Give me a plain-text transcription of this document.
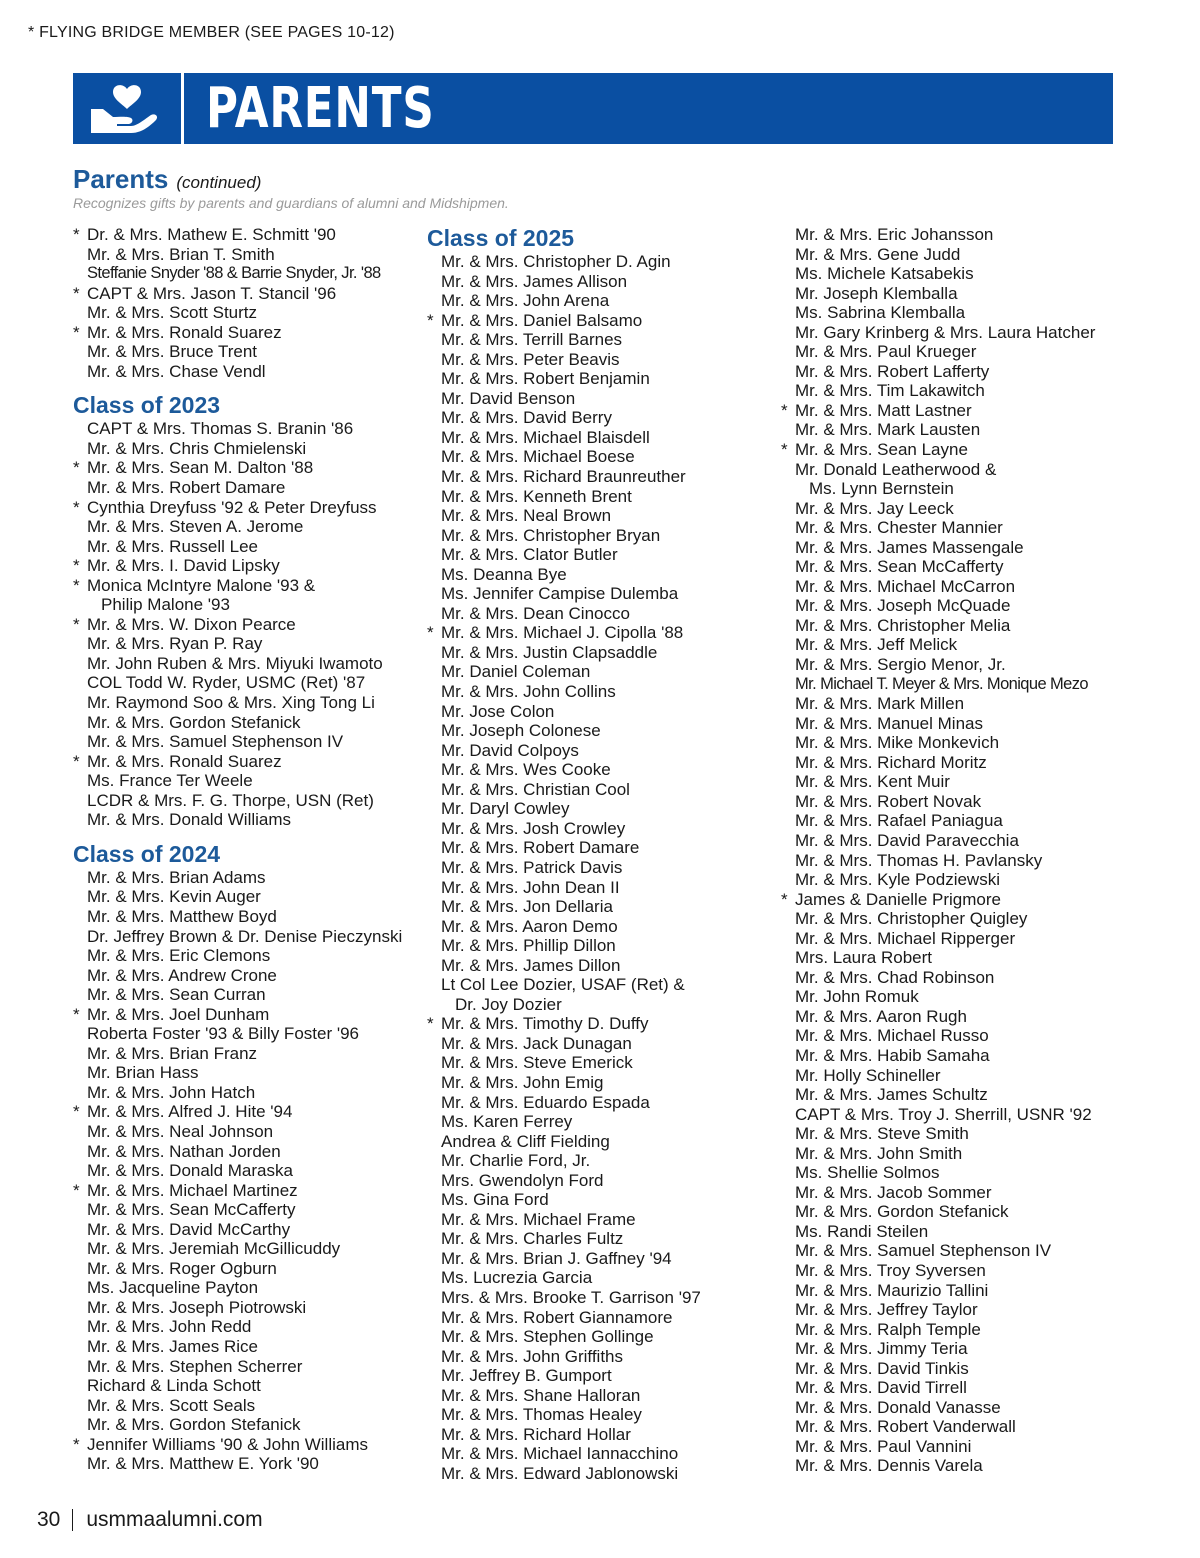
* FLYING BRIDGE MEMBER (SEE PAGES 10-12)
PARENTS
Parents (continued)
Recognizes gifts by parents and guardians of alumni and Midshipmen.
* Dr. & Mrs. Mathew E. Schmitt '90
Mr. & Mrs. Brian T. Smith
Steffanie Snyder '88 & Barrie Snyder, Jr. '88
* CAPT & Mrs. Jason T. Stancil '96
Mr. & Mrs. Scott Sturtz
* Mr. & Mrs. Ronald Suarez
Mr. & Mrs. Bruce Trent
Mr. & Mrs. Chase Vendl
Class of 2023
CAPT & Mrs. Thomas S. Branin '86
Mr. & Mrs. Chris Chmielenski
* Mr. & Mrs. Sean M. Dalton '88
Mr. & Mrs. Robert Damare
* Cynthia Dreyfuss '92 & Peter Dreyfuss
Mr. & Mrs. Steven A. Jerome
Mr. & Mrs. Russell Lee
* Mr. & Mrs. I. David Lipsky
* Monica McIntyre Malone '93 &
Philip Malone '93
* Mr. & Mrs. W. Dixon Pearce
Mr. & Mrs. Ryan P. Ray
Mr. John Ruben & Mrs. Miyuki Iwamoto
COL Todd W. Ryder, USMC (Ret) '87
Mr. Raymond Soo & Mrs. Xing Tong Li
Mr. & Mrs. Gordon Stefanick
Mr. & Mrs. Samuel Stephenson IV
* Mr. & Mrs. Ronald Suarez
Ms. France Ter Weele
LCDR & Mrs. F. G. Thorpe, USN (Ret)
Mr. & Mrs. Donald Williams
Class of 2024
Mr. & Mrs. Brian Adams
Mr. & Mrs. Kevin Auger
Mr. & Mrs. Matthew Boyd
Dr. Jeffrey Brown & Dr. Denise Pieczynski
Mr. & Mrs. Eric Clemons
Mr. & Mrs. Andrew Crone
Mr. & Mrs. Sean Curran
* Mr. & Mrs. Joel Dunham
Roberta Foster '93 & Billy Foster '96
Mr. & Mrs. Brian Franz
Mr. Brian Hass
Mr. & Mrs. John Hatch
* Mr. & Mrs. Alfred J. Hite '94
Mr. & Mrs. Neal Johnson
Mr. & Mrs. Nathan Jorden
Mr. & Mrs. Donald Maraska
* Mr. & Mrs. Michael Martinez
Mr. & Mrs. Sean McCafferty
Mr. & Mrs. David McCarthy
Mr. & Mrs. Jeremiah McGillicuddy
Mr. & Mrs. Roger Ogburn
Ms. Jacqueline Payton
Mr. & Mrs. Joseph Piotrowski
Mr. & Mrs. John Redd
Mr. & Mrs. James Rice
Mr. & Mrs. Stephen Scherrer
Richard & Linda Schott
Mr. & Mrs. Scott Seals
Mr. & Mrs. Gordon Stefanick
* Jennifer Williams '90 & John Williams
Mr. & Mrs. Matthew E. York '90
Class of 2025
Mr. & Mrs. Christopher D. Agin
Mr. & Mrs. James Allison
Mr. & Mrs. John Arena
* Mr. & Mrs. Daniel Balsamo
Mr. & Mrs. Terrill Barnes
Mr. & Mrs. Peter Beavis
Mr. & Mrs. Robert Benjamin
Mr. David Benson
Mr. & Mrs. David Berry
Mr. & Mrs. Michael Blaisdell
Mr. & Mrs. Michael Boese
Mr. & Mrs. Richard Braunreuther
Mr. & Mrs. Kenneth Brent
Mr. & Mrs. Neal Brown
Mr. & Mrs. Christopher Bryan
Mr. & Mrs. Clator Butler
Ms. Deanna Bye
Ms. Jennifer Campise Dulemba
Mr. & Mrs. Dean Cinocco
* Mr. & Mrs. Michael J. Cipolla '88
Mr. & Mrs. Justin Clapsaddle
Mr. Daniel Coleman
Mr. & Mrs. John Collins
Mr. Jose Colon
Mr. Joseph Colonese
Mr. David Colpoys
Mr. & Mrs. Wes Cooke
Mr. & Mrs. Christian Cool
Mr. Daryl Cowley
Mr. & Mrs. Josh Crowley
Mr. & Mrs. Robert Damare
Mr. & Mrs. Patrick Davis
Mr. & Mrs. John Dean II
Mr. & Mrs. Jon Dellaria
Mr. & Mrs. Aaron Demo
Mr. & Mrs. Phillip Dillon
Mr. & Mrs. James Dillon
Lt Col Lee Dozier, USAF (Ret) &
Dr. Joy Dozier
* Mr. & Mrs. Timothy D. Duffy
Mr. & Mrs. Jack Dunagan
Mr. & Mrs. Steve Emerick
Mr. & Mrs. John Emig
Mr. & Mrs. Eduardo Espada
Ms. Karen Ferrey
Andrea & Cliff Fielding
Mr. Charlie Ford, Jr.
Mrs. Gwendolyn Ford
Ms. Gina Ford
Mr. & Mrs. Michael Frame
Mr. & Mrs. Charles Fultz
Mr. & Mrs. Brian J. Gaffney '94
Ms. Lucrezia Garcia
Mrs. & Mrs. Brooke T. Garrison '97
Mr. & Mrs. Robert Giannamore
Mr. & Mrs. Stephen Gollinge
Mr. & Mrs. John Griffiths
Mr. Jeffrey B. Gumport
Mr. & Mrs. Shane Halloran
Mr. & Mrs. Thomas Healey
Mr. & Mrs. Richard Hollar
Mr. & Mrs. Michael Iannacchino
Mr. & Mrs. Edward Jablonowski
Mr. & Mrs. Eric Johansson
Mr. & Mrs. Gene Judd
Ms. Michele Katsabekis
Mr. Joseph Klemballa
Ms. Sabrina Klemballa
Mr. Gary Krinberg & Mrs. Laura Hatcher
Mr. & Mrs. Paul Krueger
Mr. & Mrs. Robert Lafferty
Mr. & Mrs. Tim Lakawitch
* Mr. & Mrs. Matt Lastner
Mr. & Mrs. Mark Lausten
* Mr. & Mrs. Sean Layne
Mr. Donald Leatherwood &
Ms. Lynn Bernstein
Mr. & Mrs. Jay Leeck
Mr. & Mrs. Chester Mannier
Mr. & Mrs. James Massengale
Mr. & Mrs. Sean McCafferty
Mr. & Mrs. Michael McCarron
Mr. & Mrs. Joseph McQuade
Mr. & Mrs. Christopher Melia
Mr. & Mrs. Jeff Melick
Mr. & Mrs. Sergio Menor, Jr.
Mr. Michael T. Meyer & Mrs. Monique Mezo
Mr. & Mrs. Mark Millen
Mr. & Mrs. Manuel Minas
Mr. & Mrs. Mike Monkevich
Mr. & Mrs. Richard Moritz
Mr. & Mrs. Kent Muir
Mr. & Mrs. Robert Novak
Mr. & Mrs. Rafael Paniagua
Mr. & Mrs. David Paravecchia
Mr. & Mrs. Thomas H. Pavlansky
Mr. & Mrs. Kyle Podziewski
* James & Danielle Prigmore
Mr. & Mrs. Christopher Quigley
Mr. & Mrs. Michael Ripperger
Mrs. Laura Robert
Mr. & Mrs. Chad Robinson
Mr. John Romuk
Mr. & Mrs. Aaron Rugh
Mr. & Mrs. Michael Russo
Mr. & Mrs. Habib Samaha
Mr. Holly Schineller
Mr. & Mrs. James Schultz
CAPT & Mrs. Troy J. Sherrill, USNR '92
Mr. & Mrs. Steve Smith
Mr. & Mrs. John Smith
Ms. Shellie Solmos
Mr. & Mrs. Jacob Sommer
Mr. & Mrs. Gordon Stefanick
Ms. Randi Steilen
Mr. & Mrs. Samuel Stephenson IV
Mr. & Mrs. Troy Syversen
Mr. & Mrs. Maurizio Tallini
Mr. & Mrs. Jeffrey Taylor
Mr. & Mrs. Ralph Temple
Mr. & Mrs. Jimmy Teria
Mr. & Mrs. David Tinkis
Mr. & Mrs. David Tirrell
Mr. & Mrs. Donald Vanasse
Mr. & Mrs. Robert Vanderwall
Mr. & Mrs. Paul Vannini
Mr. & Mrs. Dennis Varela
30 usmmaalumni.com
